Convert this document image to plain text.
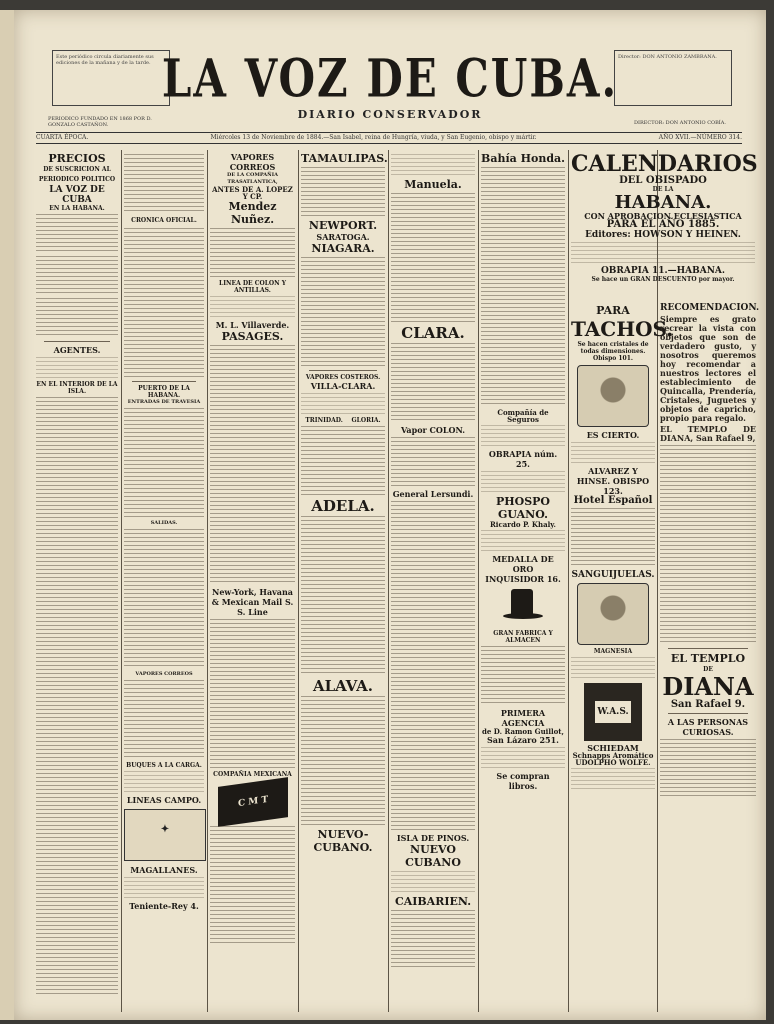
Este periódico circula diariamente sus ediciones de la mañana y de la tarde.
Director: DON ANTONIO ZAMBRANA.
LA VOZ DE CUBA.
DIARIO CONSERVADOR
PERIODICO FUNDADO EN 1868 POR D. GONZALO CASTAÑON.	DIRECTOR: DON ANTONIO COBÍA.
CUARTA ÉPOCA.	Miércoles 13 de Noviembre de 1884.—San Isabel, reina de Hungría, viuda, y San Eugenio, obispo y mártir.	AÑO XVII.—NÚMERO 314.
PRECIOS
DE SUSCRICION AL PERIODICO POLITICO
LA VOZ DE CUBA
EN LA HABANA.
AGENTES.
EN EL INTERIOR DE LA ISLA.
CRONICA OFICIAL.
PUERTO DE LA HABANA.
ENTRADAS DE TRAVESIA
SALIDAS.
VAPORES CORREOS
BUQUES A LA CARGA.
LINEAS CAMPO.
✦
MAGALLANES.
Teniente-Rey 4.
VAPORES CORREOS
DE LA COMPAÑIA TRASATLANTICA,
ANTES DE A. LOPEZ Y CP.
Mendez Nuñez.
LINEA DE COLON Y ANTILLAS.
M. L. Villaverde.
PASAGES.
New-York, Havana & Mexican Mail S. S. Line
COMPAÑIA MEXICANA
C M T
TAMAULIPAS.
NEWPORT.
SARATOGA.
NIAGARA.
VAPORES COSTEROS.
VILLA-CLARA.
TRINIDAD. GLORIA.
ADELA.
ALAVA.
NUEVO-CUBANO.
Manuela.
CLARA.
Vapor COLON.
General Lersundi.
ISLA DE PINOS.
NUEVO CUBANO
CAIBARIEN.
Bahía Honda.
Compañía de Seguros
OBRAPIA núm. 25.
PHOSPO GUANO.
Ricardo P. Khaly.
MEDALLA DE ORO
INQUISIDOR 16.
GRAN FABRICA Y ALMACEN
PRIMERA AGENCIA
de D. Ramon Guillot,
San Lázaro 251.
Se compran libros.
CALENDARIOS
DEL OBISPADO
DE LA
HABANA.
CON APROBACION ECLESIASTICA
PARA EL AÑO 1885.
Editores: HOWSON Y HEINEN.
OBRAPIA 11.—HABANA.
Se hace un GRAN DESCUENTO por mayor.
PARA
TACHOS.
Se hacen cristales de todas dimensiones. Obispo 101.
ES CIERTO.
ALVAREZ Y HINSE. OBISPO 123.
Hotel Español
SANGUIJUELAS.
MAGNESIA
W.A.S.
SCHIEDAM
Schnapps Aromático
UDOLPHO WOLFE.
RECOMENDACION.
Siempre es grato recrear la vista con objetos que son de verdadero gusto, y nosotros queremos hoy recomendar a nuestros lectores el establecimiento de Quincalla, Prendería, Cristales, Juguetes y objetos de capricho, propio para regalo.
EL TEMPLO DE DIANA, San Rafael 9,
EL TEMPLO
DE
DIANA
San Rafael 9.
A LAS PERSONAS CURIOSAS.
